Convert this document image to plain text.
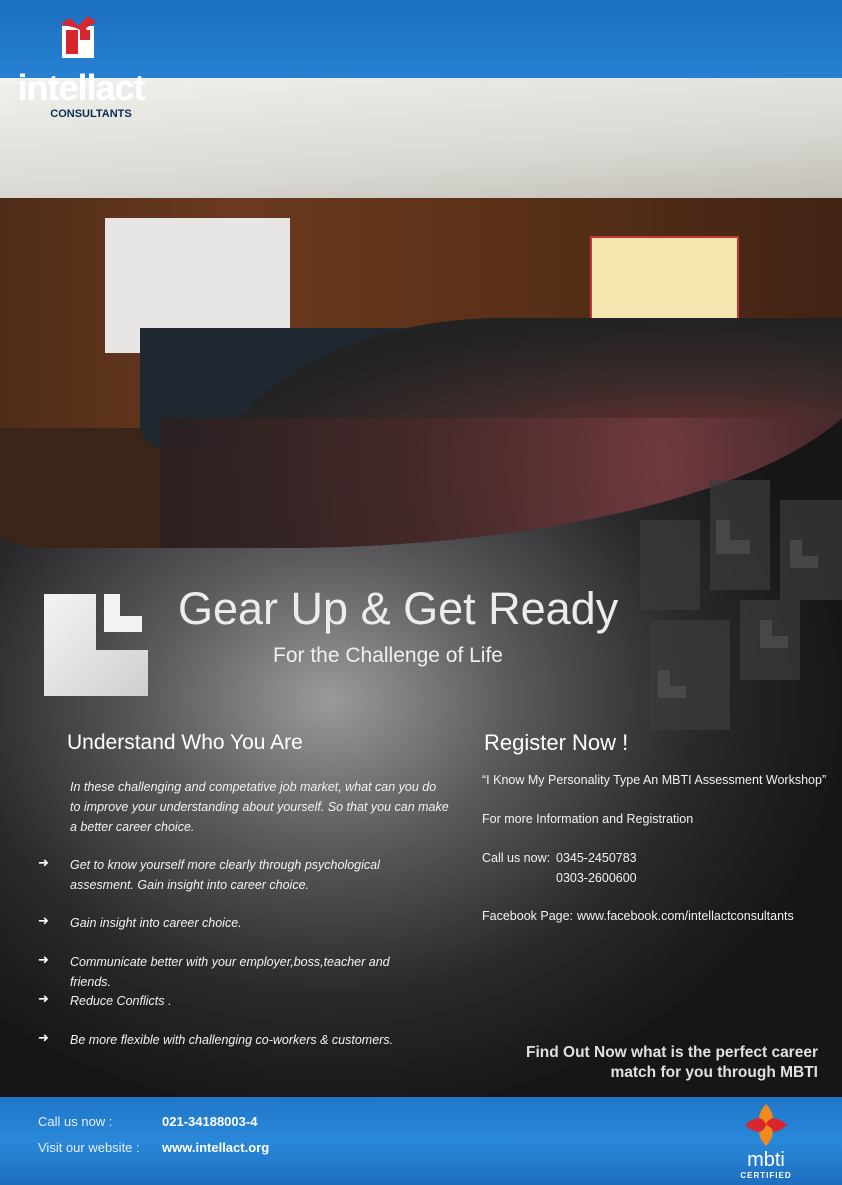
intellact
CONSULTANTS
Gear Up & Get Ready
For the Challenge of Life
Understand Who You Are
In these challenging and competative job market, what can you do to improve your understanding about yourself. So that you can make a better career choice.
➜ Get to know yourself more clearly through psychological assesment. Gain insight into career choice.
➜ Gain insight into career choice.
➜ Communicate better with your employer,boss,teacher and friends.
➜ Reduce Conflicts .
➜ Be more flexible with challenging co-workers & customers.
Register Now !
“I Know My Personality Type An MBTI Assessment Workshop”
For more Information and Registration
Call us now: 0345-2450783
0303-2600600
Facebook Page: www.facebook.com/intellactconsultants
Find Out Now what is the perfect career
match for you through MBTI
Call us now :	021-34188003-4
Visit our website : www.intellact.org
mbti
CERTIFIED
